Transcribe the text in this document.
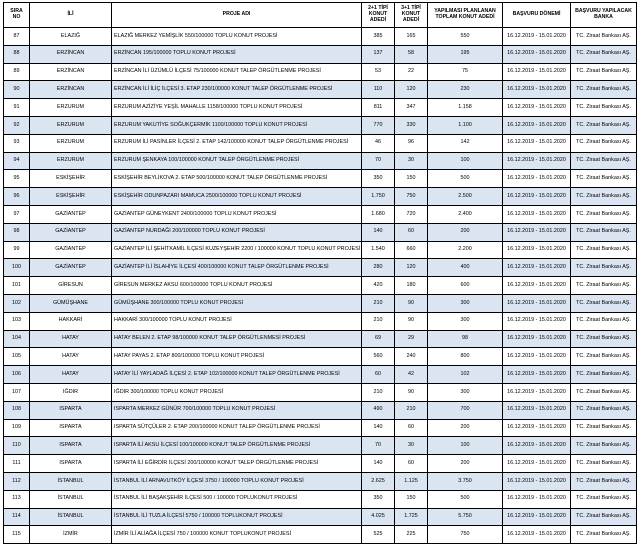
SIRA NO	İLİ	PROJE ADI	2+1 TİPİ KONUT ADEDİ	3+1 TİPİ KONUT ADEDİ	YAPILMASI PLANLANAN TOPLAM KONUT ADEDİ	BAŞVURU DÖNEMİ	BAŞVURU YAPILACAK BANKA
87	ELAZIĞ	ELAZIĞ MERKEZ YEMİŞLİK 550/100000 TOPLU KONUT PROJESİ	385	165	550	16.12.2019 - 15.01.2020	TC. Ziraat Bankası AŞ.
88	ERZİNCAN	ERZİNCAN 195/100000 TOPLU KONUT PROJESİ	137	58	195	16.12.2019 - 15.01.2020	TC. Ziraat Bankası AŞ.
89	ERZİNCAN	ERZİNCAN İLİ ÜZÜMLÜ İLÇESİ 75/100000 KONUT TALEP ÖRGÜTLENME PROJESİ	53	22	75	16.12.2019 - 15.01.2020	TC. Ziraat Bankası AŞ.
90	ERZİNCAN	ERZİNCAN İLİ İLİÇ İLÇESİ 3. ETAP 230/100000 KONUT TALEP ÖRGÜTLENME PROJESİ	110	120	230	16.12.2019 - 15.01.2020	TC. Ziraat Bankası AŞ.
91	ERZURUM	ERZURUM AZİZİYE YEŞİL MAHALLE 1158/100000 TOPLU KONUT PROJESİ	811	347	1.158	16.12.2019 - 15.01.2020	TC. Ziraat Bankası AŞ.
92	ERZURUM	ERZURUM YAKUTİYE SOĞUKÇERMİK 1100/100000 TOPLU KONUT PROJESİ	770	330	1.100	16.12.2019 - 15.01.2020	TC. Ziraat Bankası AŞ.
93	ERZURUM	ERZURUM İLİ PASİNLER İLÇESİ 2. ETAP 142/100000 KONUT TALEP ÖRGÜTLENME PROJESİ	46	96	142	16.12.2019 - 15.01.2020	TC. Ziraat Bankası AŞ.
94	ERZURUM	ERZURUM ŞENKAYA 100/100000 KONUT TALEP ÖRGÜTLENME PROJESİ	70	30	100	16.12.2019 - 15.01.2020	TC. Ziraat Bankası AŞ.
95	ESKİŞEHİR	ESKİŞEHİR BEYLİKOVA 2. ETAP 500/100000 KONUT TALEP ÖRGÜTLENME PROJESİ	350	150	500	16.12.2019 - 15.01.2020	TC. Ziraat Bankası AŞ.
96	ESKİŞEHİR	ESKİŞEHİR ODUNPAZARI MAMUCA 2500/100000 TOPLU KONUT PROJESİ	1.750	750	2.500	16.12.2019 - 15.01.2020	TC. Ziraat Bankası AŞ.
97	GAZİANTEP	GAZİANTEP GÜNEYKENT 2400/100000 TOPLU KONUT PROJESİ	1.680	720	2.400	16.12.2019 - 15.01.2020	TC. Ziraat Bankası AŞ.
98	GAZİANTEP	GAZİANTEP NURDAĞI 200/100000 TOPLU KONUT PROJESİ	140	60	200	16.12.2019 - 15.01.2020	TC. Ziraat Bankası AŞ.
99	GAZİANTEP	GAZİANTEP İLİ ŞEHİTKAMİL İLÇESİ KUZEYŞEHİR 2200 / 100000 KONUT TOPLU KONUT PROJESİ	1.540	660	2.200	16.12.2019 - 15.01.2020	TC. Ziraat Bankası AŞ.
100	GAZİANTEP	GAZİANTEP İLİ İSLAHİYE İLÇESİ 400/100000 KONUT TALEP ÖRGÜTLENME PROJESİ	280	120	400	16.12.2019 - 15.01.2020	TC. Ziraat Bankası AŞ.
101	GİRESUN	GİRESUN MERKEZ AKSU 600/100000 TOPLU KONUT PROJESİ	420	180	600	16.12.2019 - 15.01.2020	TC. Ziraat Bankası AŞ.
102	GÜMÜŞHANE	GÜMÜŞHANE 300/100000 TOPLU KONUT PROJESİ	210	90	300	16.12.2019 - 15.01.2020	TC. Ziraat Bankası AŞ.
103	HAKKARİ	HAKKARİ 300/100000 TOPLU KONUT PROJESİ	210	90	300	16.12.2019 - 15.01.2020	TC. Ziraat Bankası AŞ.
104	HATAY	HATAY BELEN 2. ETAP 98/100000 KONUT TALEP ÖRGÜTLENMESİ PROJESİ	69	29	98	16.12.2019 - 15.01.2020	TC. Ziraat Bankası AŞ.
105	HATAY	HATAY PAYAS 2. ETAP 800/100000 TOPLU KONUT PROJESİ	560	240	800	16.12.2019 - 15.01.2020	TC. Ziraat Bankası AŞ.
106	HATAY	HATAY İLİ YAYLADAĞ İLÇESİ 2. ETAP 102/100000 KONUT TALEP ÖRGÜTLENME PROJESİ	60	42	102	16.12.2019 - 15.01.2020	TC. Ziraat Bankası AŞ.
107	IĞDIR	IĞDIR 300/100000 TOPLU KONUT PROJESİ	210	90	300	16.12.2019 - 15.01.2020	TC. Ziraat Bankası AŞ.
108	ISPARTA	ISPARTA MERKEZ GÜNÜR 700/100000 TOPLU KONUT PROJESİ	490	210	700	16.12.2019 - 15.01.2020	TC. Ziraat Bankası AŞ.
109	ISPARTA	ISPARTA SÜTÇÜLER 2. ETAP 200/100000 KONUT TALEP ÖRGÜTLENME PROJESİ	140	60	200	16.12.2019 - 15.01.2020	TC. Ziraat Bankası AŞ.
110	ISPARTA	ISPARTA İLİ AKSU İLÇESİ 100/100000 KONUT TALEP ÖRGÜTLENME PROJESİ	70	30	100	16.12.2019 - 15.01.2020	TC. Ziraat Bankası AŞ.
111	ISPARTA	ISPARTA İLİ EĞİRDİR İLÇESİ 200/100000 KONUT TALEP ÖRGÜTLENME PROJESİ	140	60	200	16.12.2019 - 15.01.2020	TC. Ziraat Bankası AŞ.
112	İSTANBUL	İSTANBUL İLİ ARNAVUTKÖY İLÇESİ 3750 / 100000 TOPLU KONUT PROJESİ	2.625	1.125	3.750	16.12.2019 - 15.01.2020	TC. Ziraat Bankası AŞ.
113	İSTANBUL	İSTANBUL İLİ BAŞAKŞEHİR İLÇESİ 500 / 100000 TOPLUKONUT PROJESİ	350	150	500	16.12.2019 - 15.01.2020	TC. Ziraat Bankası AŞ.
114	İSTANBUL	İSTANBUL İLİ TUZLA İLÇESİ 5750 / 100000 TOPLUKONUT PROJESİ	4.025	1.725	5.750	16.12.2019 - 15.01.2020	TC. Ziraat Bankası AŞ.
115	İZMİR	İZMİR İLİ ALİAĞA İLÇESİ 750 / 100000 KONUT TOPLUKONUT PROJESİ	525	225	750	16.12.2019 - 15.01.2020	TC. Ziraat Bankası AŞ.
